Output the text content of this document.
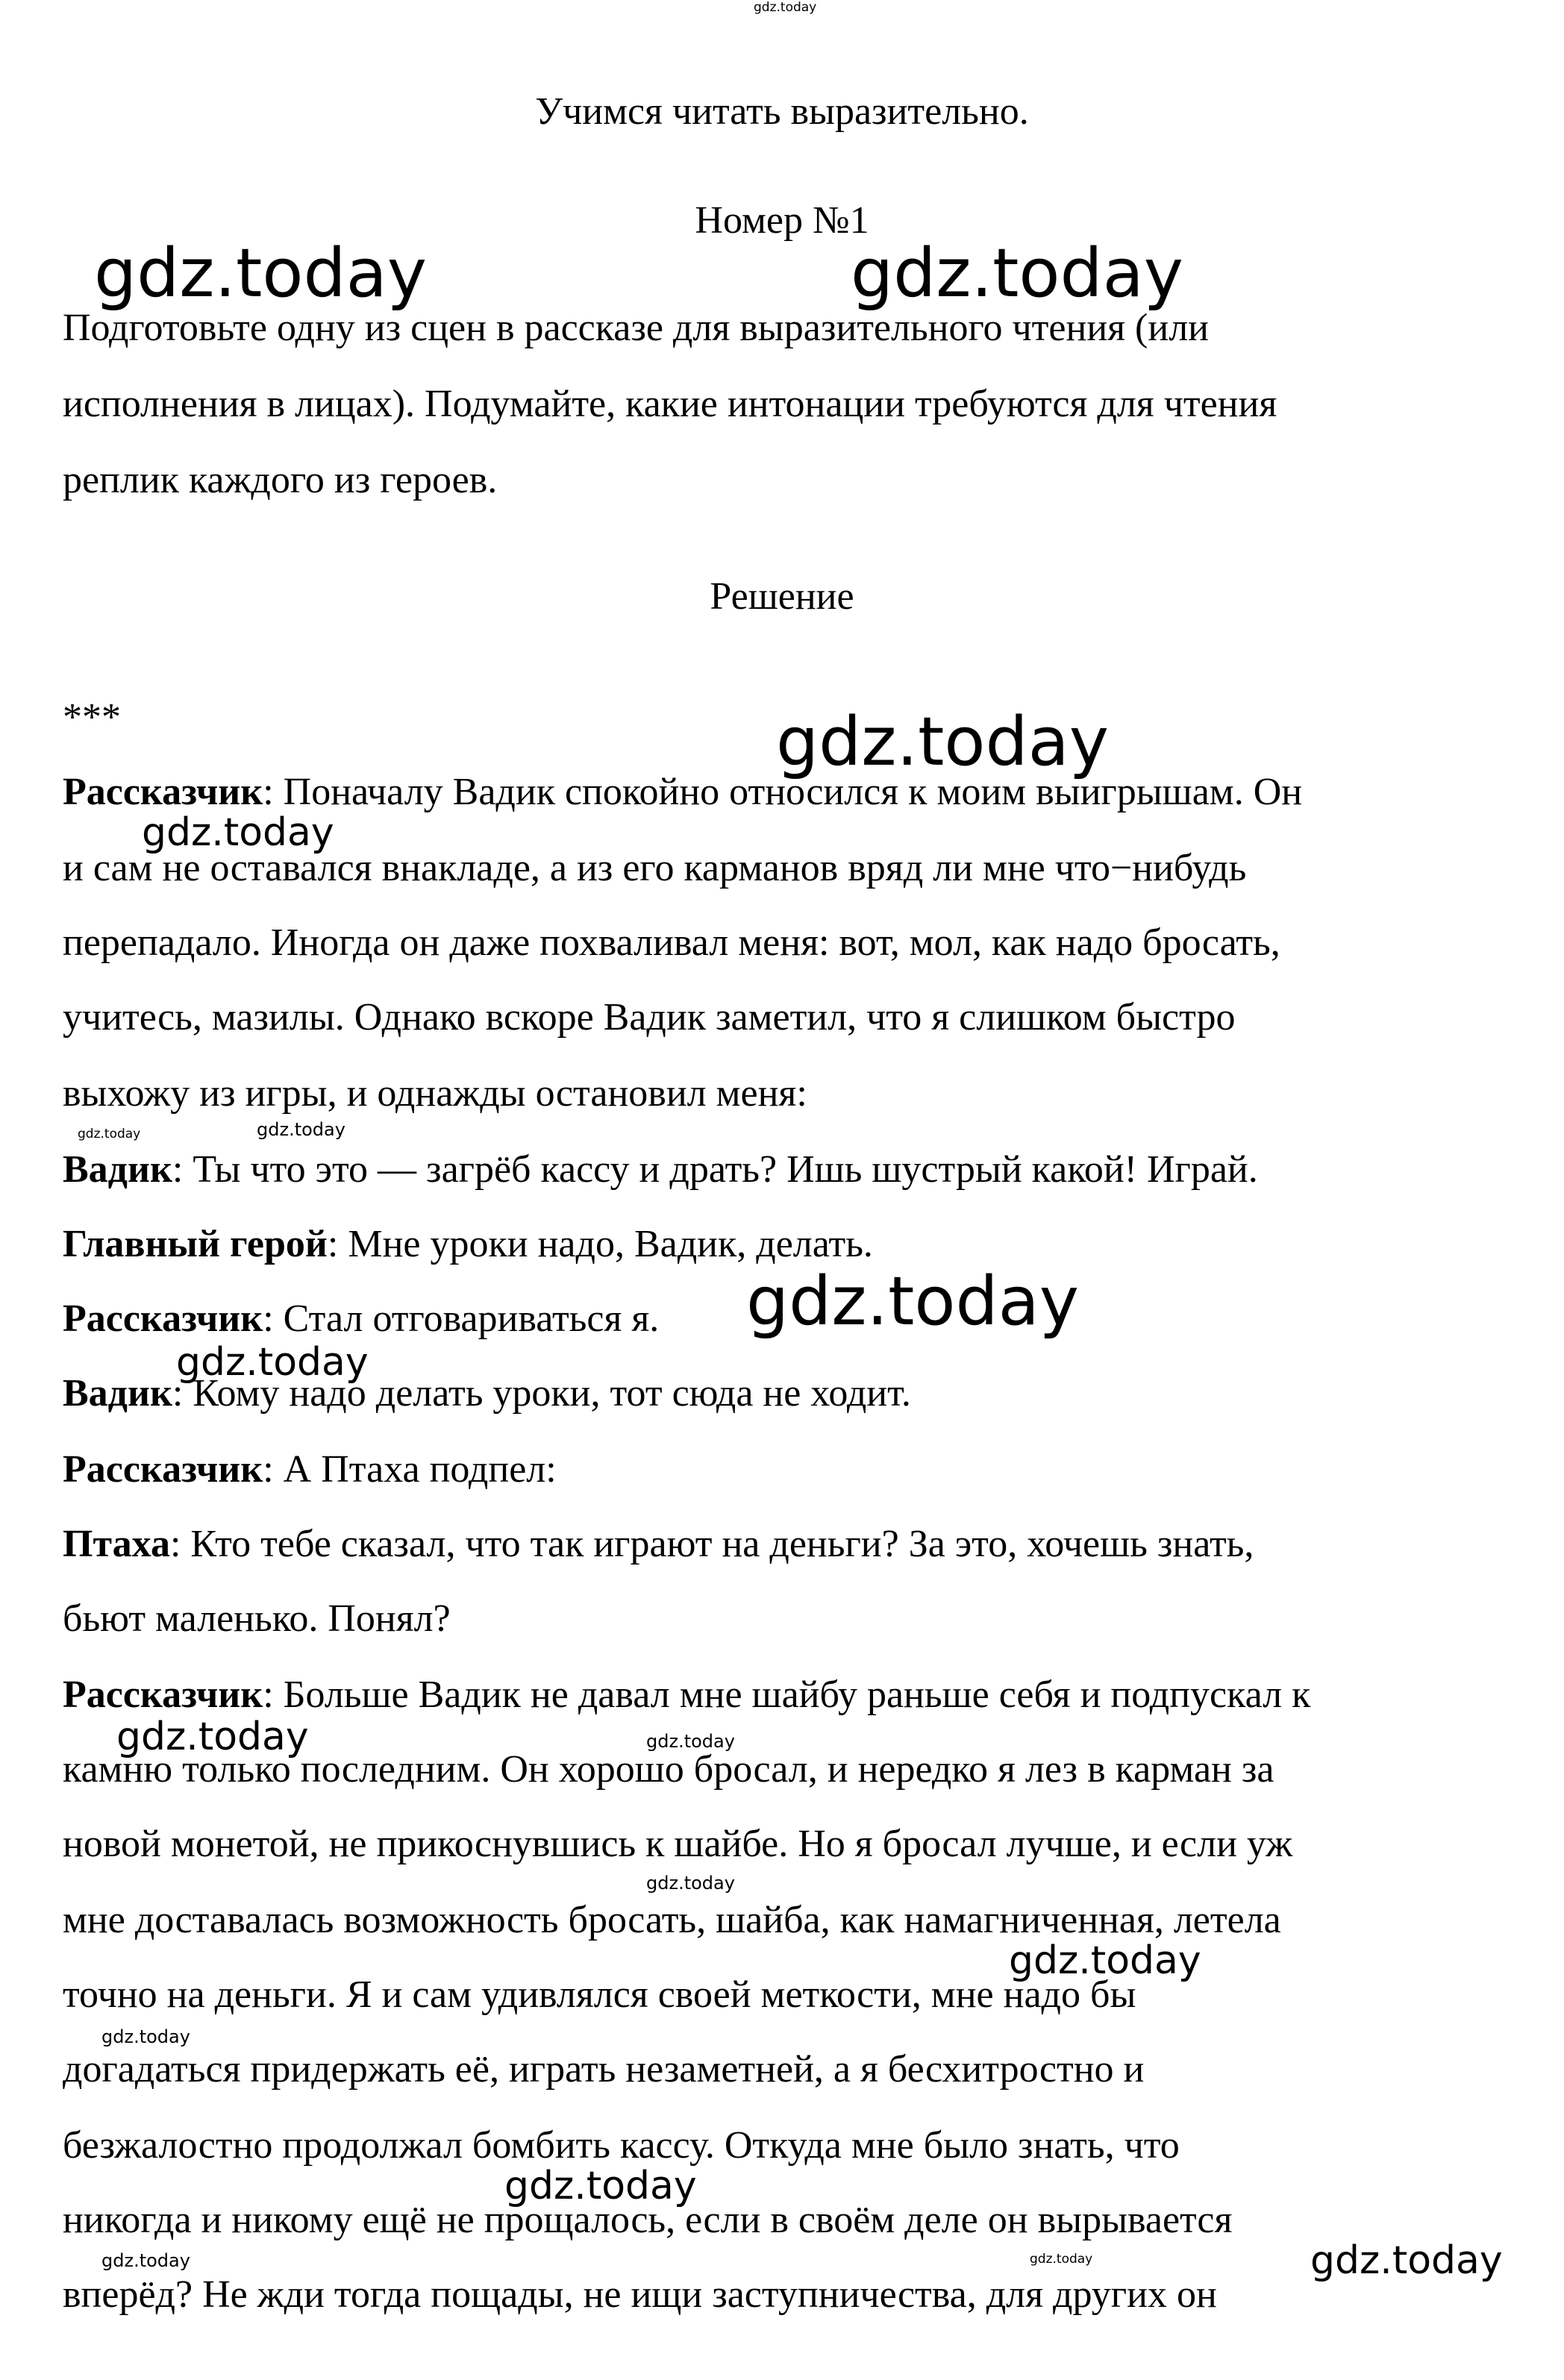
gdz.today
Учимся читать выразительно.
Номер №1
Подготовьте одну из сцен в рассказе для выразительного чтения (или
исполнения в лицах). Подумайте, какие интонации требуются для чтения
реплик каждого из героев.
Решение
***
Рассказчик: Поначалу Вадик спокойно относился к моим выигрышам. Он
и сам не оставался внакладе, а из его карманов вряд ли мне что−нибудь
перепадало. Иногда он даже похваливал меня: вот, мол, как надо бросать,
учитесь, мазилы. Однако вскоре Вадик заметил, что я слишком быстро
выхожу из игры, и однажды остановил меня:
Вадик: Ты что это — загрёб кассу и драть? Ишь шустрый какой! Играй.
Главный герой: Мне уроки надо, Вадик, делать.
Рассказчик: Стал отговариваться я.
Вадик: Кому надо делать уроки, тот сюда не ходит.
Рассказчик: А Птаха подпел:
Птаха: Кто тебе сказал, что так играют на деньги? За это, хочешь знать,
бьют маленько. Понял?
Рассказчик: Больше Вадик не давал мне шайбу раньше себя и подпускал к
камню только последним. Он хорошо бросал, и нередко я лез в карман за
новой монетой, не прикоснувшись к шайбе. Но я бросал лучше, и если уж
мне доставалась возможность бросать, шайба, как намагниченная, летела
точно на деньги. Я и сам удивлялся своей меткости, мне надо бы
догадаться придержать её, играть незаметней, а я бесхитростно и
безжалостно продолжал бомбить кассу. Откуда мне было знать, что
никогда и никому ещё не прощалось, если в своём деле он вырывается
вперёд? Не жди тогда пощады, не ищи заступничества, для других он
gdz.today	gdz.today
gdz.today
gdz.today
gdz.today	gdz.today
gdz.today
gdz.today
gdz.today	gdz.today
gdz.today
gdz.today
gdz.today
gdz.today
gdz.today	gdz.today	gdz.today
